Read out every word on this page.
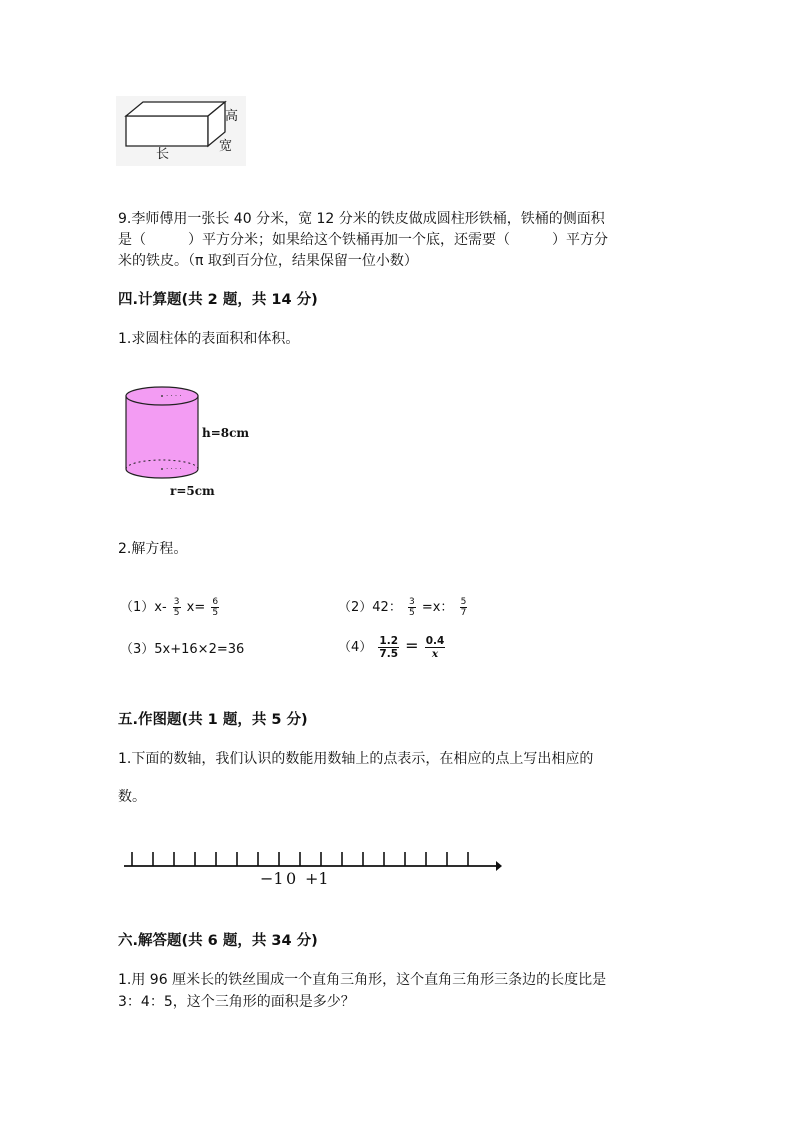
高
宽
长
9.李师傅用一张长 40 分米，宽 12 分米的铁皮做成圆柱形铁桶，铁桶的侧面积
是（　　　）平方分米；如果给这个铁桶再加一个底，还需要（　　　）平方分
米的铁皮。（π 取到百分位，结果保留一位小数）
四.计算题(共 2 题，共 14 分)
1.求圆柱体的表面积和体积。
. . . .
. . . .
h=8cm
r=5cm
2.解方程。
$(1)x- \frac{3}{5} x= \frac{6}{5}$	（2）42： $\frac{3}{5} =x$： $\frac{5}{7}$
（3）5x+16×2=36	$(4) \frac{1.2}{7.5} = \frac{0.4}{x}$
五.作图题(共 1 题，共 5 分)
1.下面的数轴，我们认识的数能用数轴上的点表示，在相应的点上写出相应的
数。
−1 0 +1
六.解答题(共 6 题，共 34 分)
1.用 96 厘米长的铁丝围成一个直角三角形，这个直角三角形三条边的长度比是
3：4：5，这个三角形的面积是多少？
